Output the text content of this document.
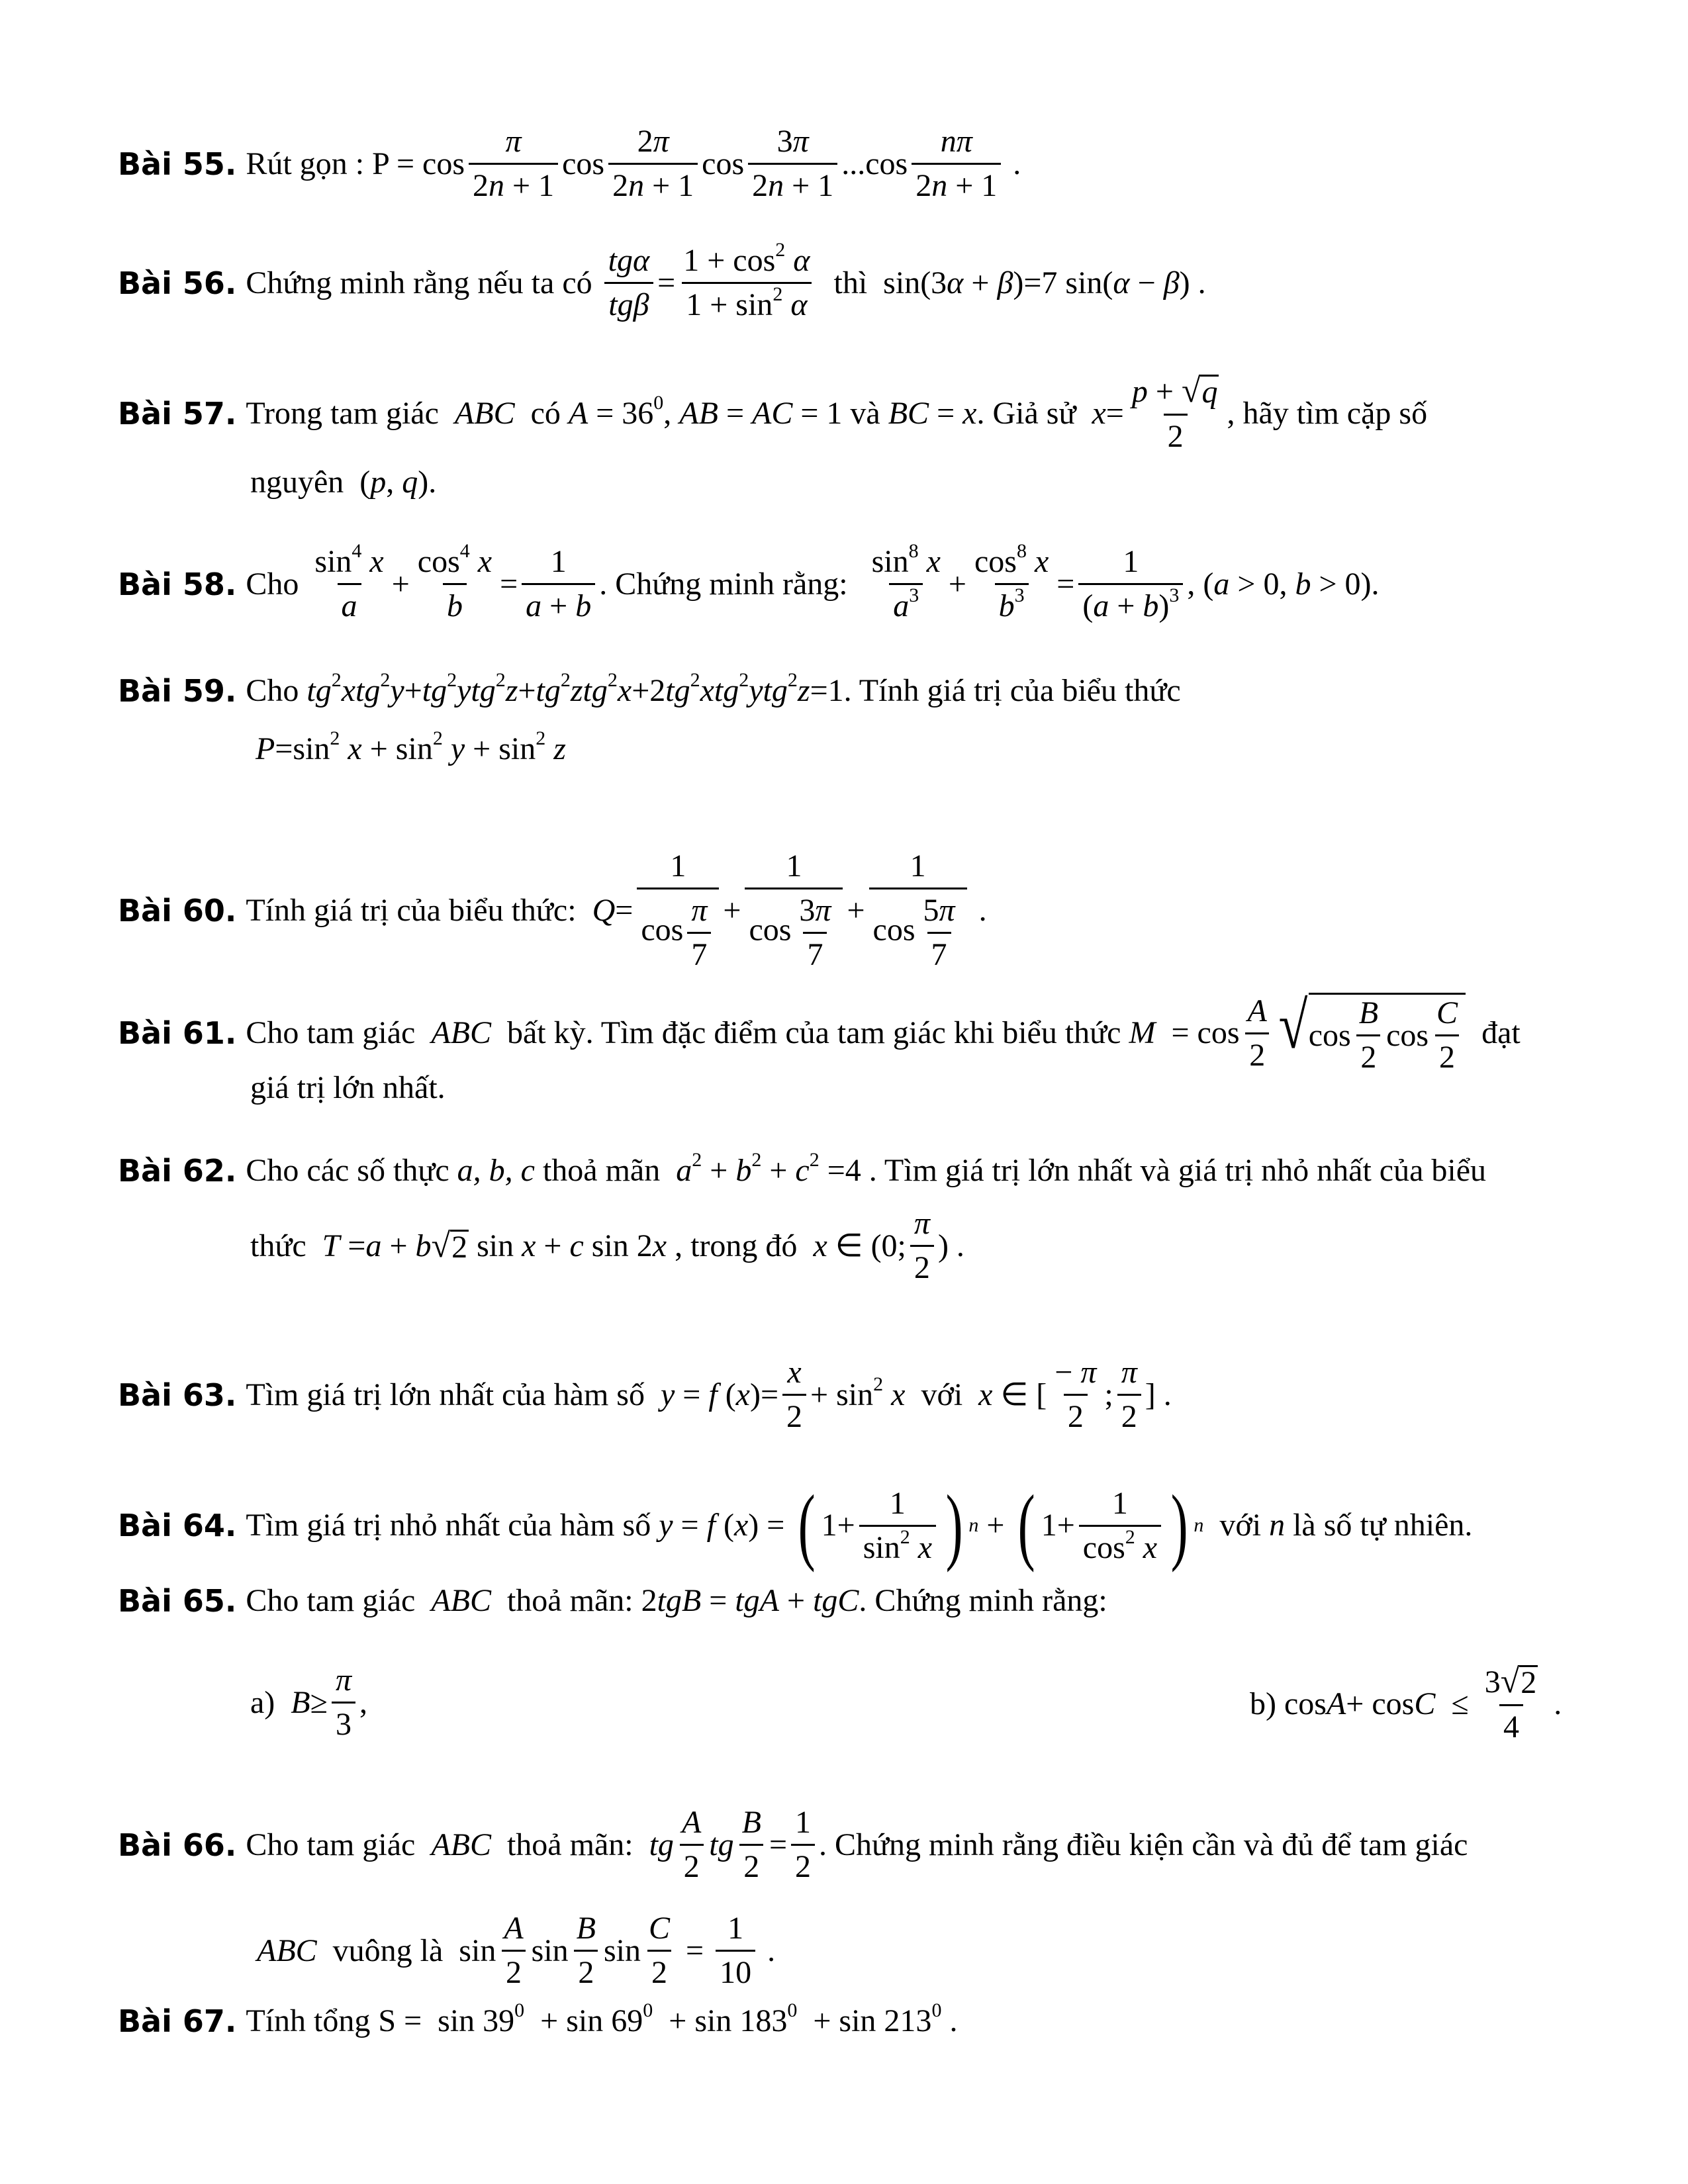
Bài 55. Rút gọn : $P = \cos \frac{\pi}{2n + 1}$ $\cos \frac{2\pi}{2n + 1}$ $\cos \frac{3\pi}{2n + 1} ...\cos \frac{n\pi}{2n + 1}$ .
Bài 56. Chứng minh rằng nếu ta có $\frac{\text{tgα}}{\text{tgβ}} = \frac{1 + \cos^2 \alpha}{1 + \sin^2 \alpha}$ thì  sin(3α + β)=7 sin(α − β) .
Bài 57. Trong tam giác  ABC  có $A = 36^0$, AB = AC = 1 và BC = x. Giả sử $x= \frac{p + √ q}{2}$ , hãy tìm cặp số
nguyên  (p, q).
Bài 58. Cho $\frac{\sin^4 x}{a} + \frac{\cos^4 x}{b} = \frac{1}{a + b}$ . Chứng minh rằng: $\frac{\sin^8 x}{a^3} + \frac{\cos^8 x}{b^3} = \frac{1}{(a + b)^3}$ , (a > 0, b > 0).
Bài 59. Cho $tg^2xtg^2y+tg^2ytg^2z+tg^2ztg^2x+2tg^2xtg^2ytg^2z=1$. Tính giá trị của biểu thức
$P=\sin^2$ $x + \sin^2 y + \sin^2 z$
Bài 60. Tính giá trị của biểu thức:  $Q= \frac{1}{\cos \frac{\pi}{7}} + \frac{1}{\cos \frac{3\pi}{7}} + \frac{1}{\cos \frac{5\pi}{7}}$ .
Bài 61. Cho tam giác  ABC  bất kỳ. Tìm đặc điểm của tam giác khi biểu thức $M = \cos \frac{A}{2}$ √ $\cos \frac{B}{2}$ $\cos \frac{C}{2}$ đạt
giá trị lớn nhất.
Bài 62. Cho các số thực a, b, c thoả mãn  $a^2 + b^2 + c^2 =4$ . Tìm giá trị lớn nhất và giá trị nhỏ nhất của biểu
thức  T =a + b √ 2 sin x + c sin 2x , trong đó  x ∈ (0; $\frac{\pi}{2}$ ) .
Bài 63. Tìm giá trị lớn nhất của hàm số  y = f $(x)= \frac{x}{2} + \sin^2 x$  với  x ∈ [ $\frac{- \pi}{2}$ ; $\frac{\pi}{2}$ ] .
Bài 64. Tìm giá trị nhỏ nhất của hàm số y = f (x) = ( $1+ \frac{1}{\sin^2 x}$ ) n + ( $1+ \frac{1}{\cos^2 x}$ ) n với n là số tự nhiên.
Bài 65. Cho tam giác  ABC  thoả mãn: 2tgB = tgA + tgC. Chứng minh rằng:
a)  $B\ge \frac{\pi}{3}$ ,	b) $\cos A+ \cos C \le \frac{3 √ 2}{4}$ .
Bài 66. Cho tam giác  ABC  thoả mãn:  tg $\frac{A}{2}$ tg $\frac{B}{2} = \frac{1}{2}$ . Chứng minh rằng điều kiện cần và đủ để tam giác
ABC  vuông là  $\sin \frac{A}{2}$ $\sin \frac{B}{2}$ $\sin \frac{C}{2} = \frac{1}{10}$ .
Bài 67. Tính tổng $S = \sin 39^0 + \sin 69^0 + \sin 183^0 + \sin 213^0$ .
